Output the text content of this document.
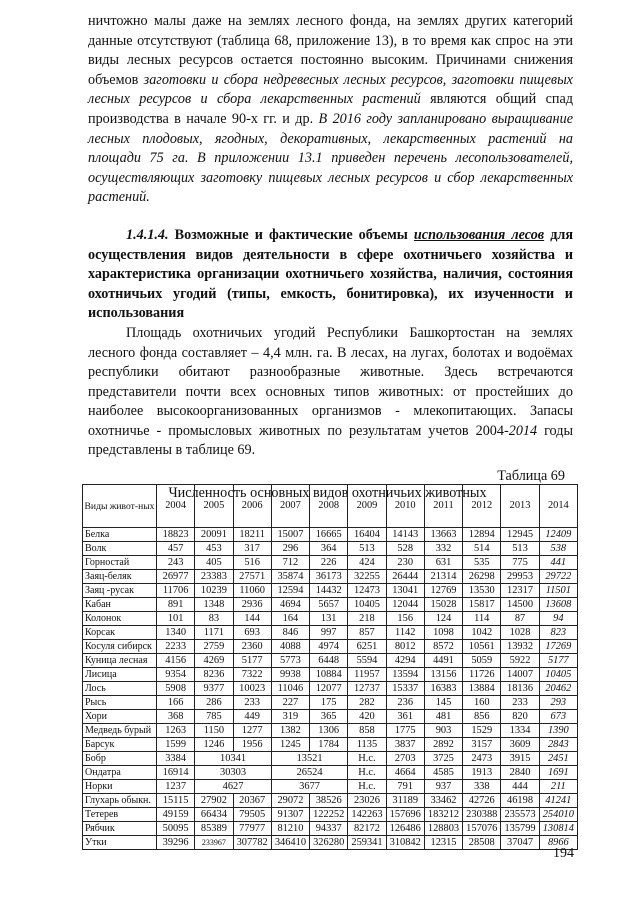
ничтожно малы даже на землях лесного фонда, на землях других категорий данные отсутствуют (таблица 68, приложение 13), в то время как спрос на эти виды лесных ресурсов остается постоянно высоким. Причинами снижения объемов заготовки и сбора недревесных лесных ресурсов, заготовки пищевых лесных ресурсов и сбора лекарственных растений являются общий спад производства в начале 90-х гг. и др. В 2016 году запланировано выращивание лесных плодовых, ягодных, декоративных, лекарственных растений на площади 75 га. В приложении 13.1 приведен перечень лесопользователей, осуществляющих заготовку пищевых лесных ресурсов и сбор лекарственных растений.

1.4.1.4. Возможные и фактические объемы использования лесов для осуществления видов деятельности в сфере охотничьего хозяйства и характеристика организации охотничьего хозяйства, наличия, состояния охотничьих угодий (типы, емкость, бонитировка), их изученности и использования

Площадь охотничьих угодий Республики Башкортостан на землях лесного фонда составляет – 4,4 млн. га. В лесах, на лугах, болотах и водоёмах республики обитают разнообразные животные. Здесь встречаются представители почти всех основных типов животных: от простейших до наиболее высокоорганизованных организмов - млекопитающих. Запасы охотничье - промысловых животных по результатам учетов 2004-2014 годы представлены в таблице 69.

Таблица 69
Численность основных видов охотничьих животных
Виды живот-ных	2004	2005	2006	2007	2008	2009	2010	2011	2012	2013	2014
Белка	18823	20091	18211	15007	16665	16404	14143	13663	12894	12945	12409
Волк	457	453	317	296	364	513	528	332	514	513	538
Горностай	243	405	516	712	226	424	230	631	535	775	441
Заяц-беляк	26977	23383	27571	35874	36173	32255	26444	21314	26298	29953	29722
Заяц -русак	11706	10239	11060	12594	14432	12473	13041	12769	13530	12317	11501
Кабан	891	1348	2936	4694	5657	10405	12044	15028	15817	14500	13608
Колонок	101	83	144	164	131	218	156	124	114	87	94
Корсак	1340	1171	693	846	997	857	1142	1098	1042	1028	823
Косуля сибирск	2233	2759	2360	4088	4974	6251	8012	8572	10561	13932	17269
Куница лесная	4156	4269	5177	5773	6448	5594	4294	4491	5059	5922	5177
Лисица	9354	8236	7322	9938	10884	11957	13594	13156	11726	14007	10405
Лось	5908	9377	10023	11046	12077	12737	15337	16383	13884	18136	20462
Рысь	166	286	233	227	175	282	236	145	160	233	293
Хори	368	785	449	319	365	420	361	481	856	820	673
Медведь бурый	1263	1150	1277	1382	1306	858	1775	903	1529	1334	1390
Барсук	1599	1246	1956	1245	1784	1135	3837	2892	3157	3609	2843
Бобр	3384	10341		13521		Н.с.	2703	3725	2473	3915	2451
Ондатра	16914	30303		26524		Н.с.	4664	4585	1913	2840	1691
Норки	1237	4627		3677		Н.с.	791	937	338	444	211
Глухарь обыкн.	15115	27902	20367	29072	38526	23026	31189	33462	42726	46198	41241
Тетерев	49159	66434	79505	91307	122252	142263	157696	183212	230388	235573	254010
Рябчик	50095	85389	77977	81210	94337	82172	126486	128803	157076	135799	130814
Утки	39296	233967	307782	346410	326280	259341	310842	12315	28508	37047	8966
194
